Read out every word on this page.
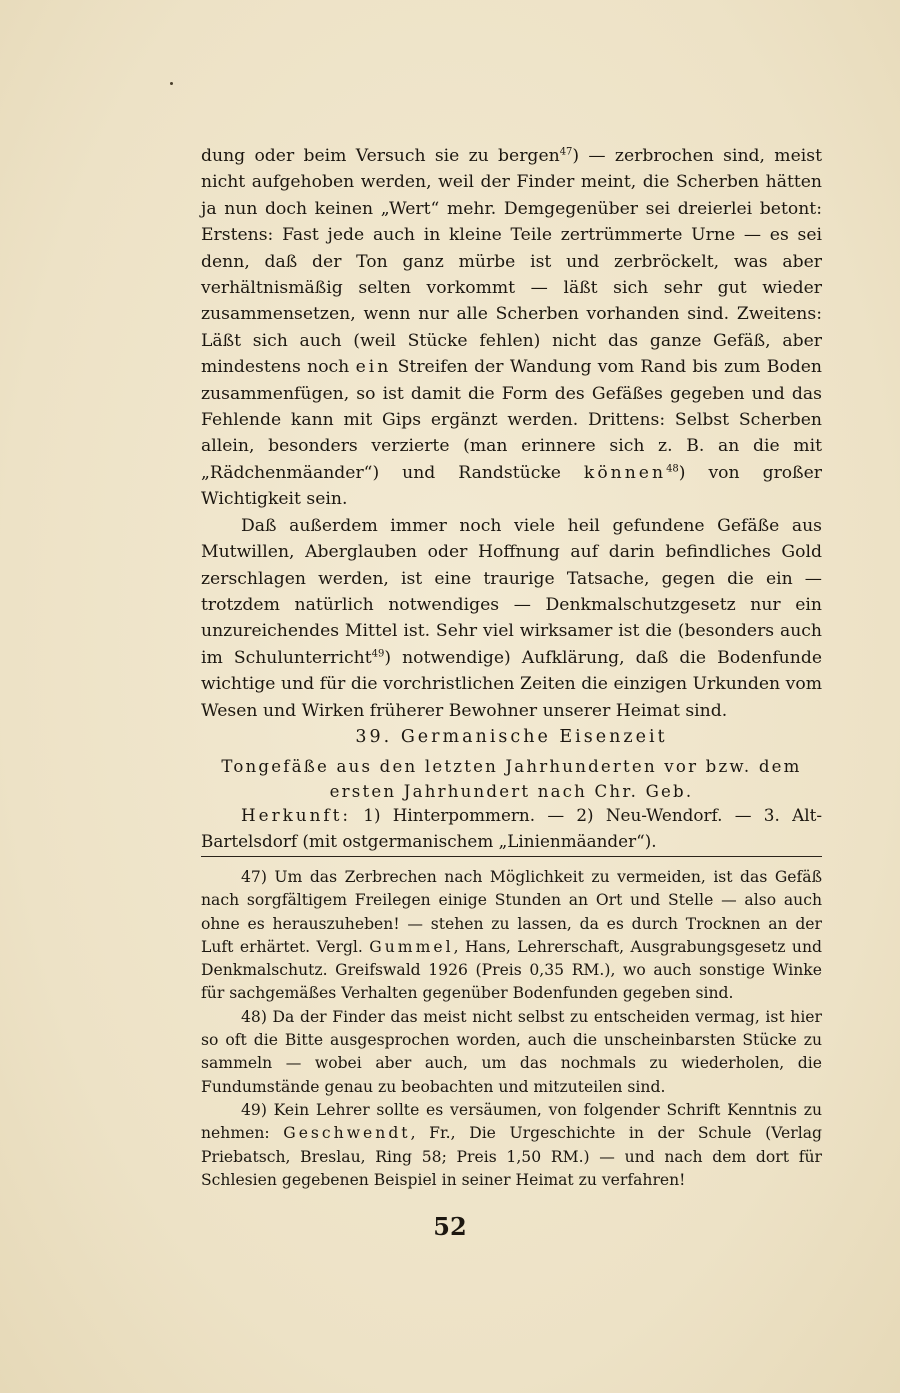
dung oder beim Versuch sie zu bergen$^{47}$) — zerbrochen sind, meist nicht aufgehoben werden, weil der Finder meint, die Scherben hätten ja nun doch keinen „Wert“ mehr. Demgegenüber sei dreierlei betont: Erstens: Fast jede auch in kleine Teile zertrümmerte Urne — es sei denn, daß der Ton ganz mürbe ist und zerbröckelt, was aber verhältnismäßig selten vorkommt — läßt sich sehr gut wieder zusammensetzen, wenn nur alle Scherben vorhanden sind. Zweitens: Läßt sich auch (weil Stücke fehlen) nicht das ganze Gefäß, aber mindestens noch ein Streifen der Wandung vom Rand bis zum Boden zusammenfügen, so ist damit die Form des Gefäßes gegeben und das Fehlende kann mit Gips ergänzt werden. Drittens: Selbst Scherben allein, besonders verzierte (man erinnere sich z. B. an die mit „Rädchenmäander“) und Randstücke können$^{48}$) von großer Wichtigkeit sein.

Daß außerdem immer noch viele heil gefundene Gefäße aus Mutwillen, Aberglauben oder Hoffnung auf darin befindliches Gold zerschlagen werden, ist eine traurige Tatsache, gegen die ein — trotzdem natürlich notwendiges — Denkmalschutzgesetz nur ein unzureichendes Mittel ist. Sehr viel wirksamer ist die (besonders auch im Schulunterricht$^{49}$) notwendige) Aufklärung, daß die Bodenfunde wichtige und für die vorchristlichen Zeiten die einzigen Urkunden vom Wesen und Wirken früherer Bewohner unserer Heimat sind.

39. Germanische Eisenzeit
Tongefäße aus den letzten Jahrhunderten vor bzw. dem
ersten Jahrhundert nach Chr. Geb.

Herkunft: 1) Hinterpommern. — 2) Neu-Wendorf. — 3. Alt-Bartelsdorf (mit ostgermanischem „Linienmäander“).

47) Um das Zerbrechen nach Möglichkeit zu vermeiden, ist das Gefäß nach sorgfältigem Freilegen einige Stunden an Ort und Stelle — also auch ohne es herauszuheben! — stehen zu lassen, da es durch Trocknen an der Luft erhärtet. Vergl. Gummel, Hans, Lehrerschaft, Ausgrabungsgesetz und Denkmalschutz. Greifswald 1926 (Preis 0,35 RM.), wo auch sonstige Winke für sachgemäßes Verhalten gegenüber Bodenfunden gegeben sind.

48) Da der Finder das meist nicht selbst zu entscheiden vermag, ist hier so oft die Bitte ausgesprochen worden, auch die unscheinbarsten Stücke zu sammeln — wobei aber auch, um das nochmals zu wiederholen, die Fundumstände genau zu beobachten und mitzuteilen sind.

49) Kein Lehrer sollte es versäumen, von folgender Schrift Kenntnis zu nehmen: Geschwendt, Fr., Die Urgeschichte in der Schule (Verlag Priebatsch, Breslau, Ring 58; Preis 1,50 RM.) — und nach dem dort für Schlesien gegebenen Beispiel in seiner Heimat zu verfahren!

52
